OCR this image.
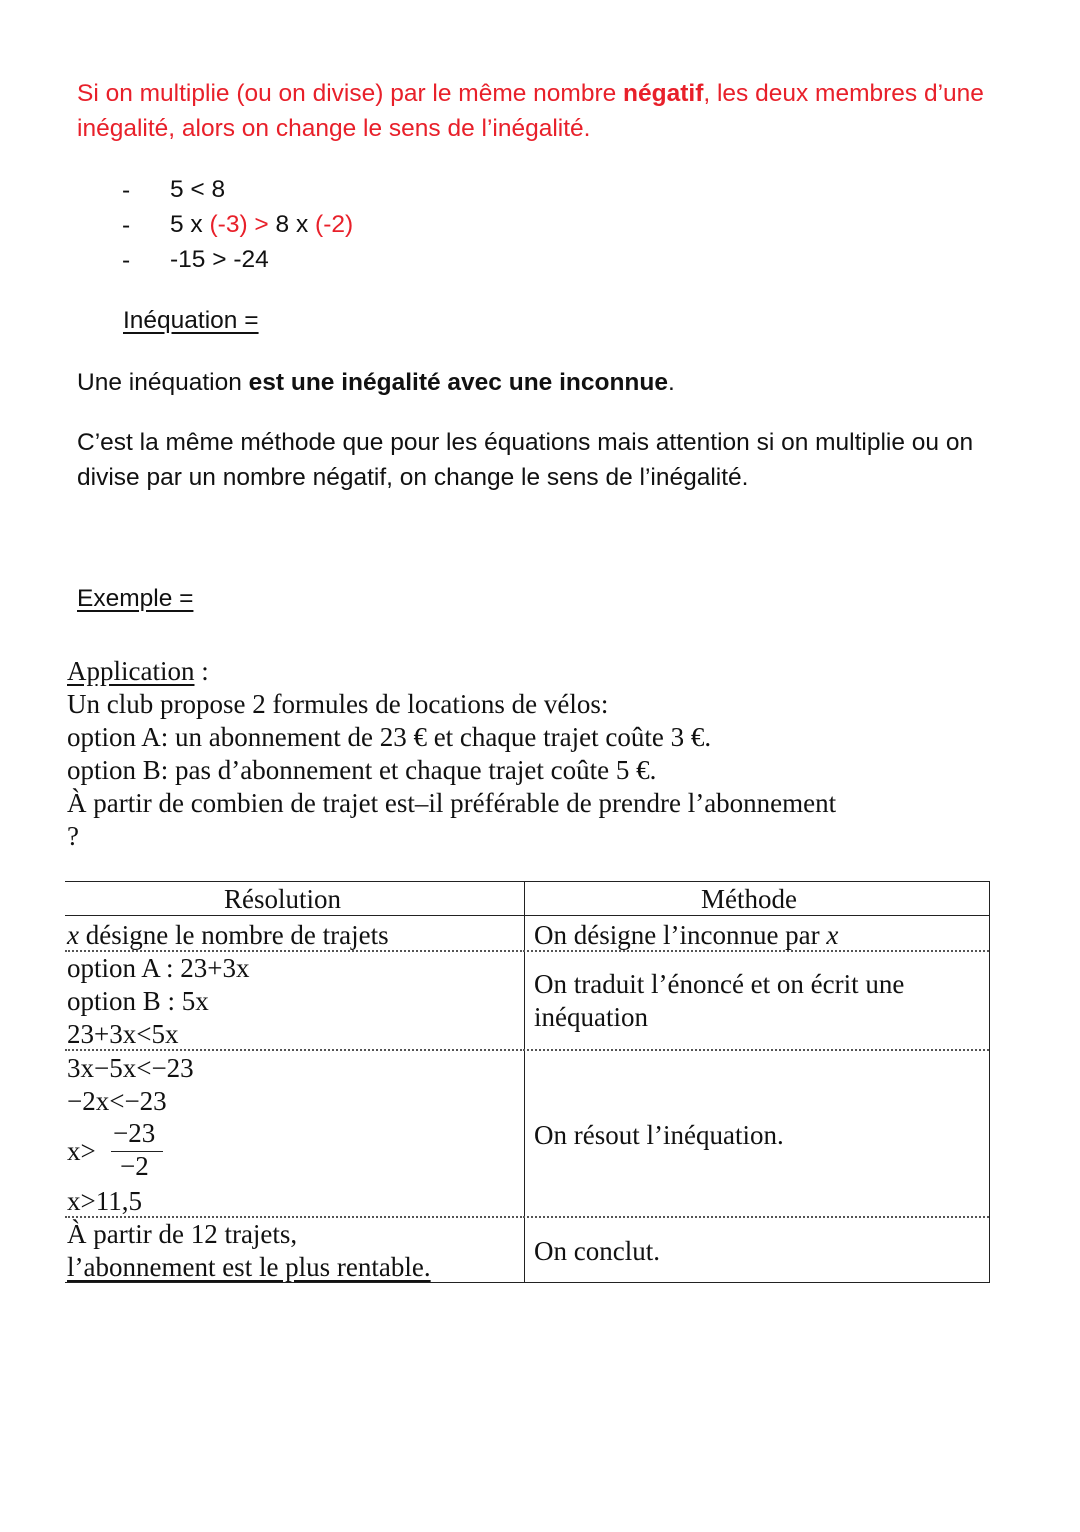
Si on multiplie (ou on divise) par le même nombre négatif, les deux membres d’une inégalité, alors on change le sens de l’inégalité.
- 5 < 8
- 5 x (-3) > 8 x (-2)
- -15 > -24
Inéquation =
Une inéquation est une inégalité avec une inconnue.
C’est la même méthode que pour les équations mais attention si on multiplie ou on divise par un nombre négatif, on change le sens de l’inégalité.
Exemple =
Application :
Un club propose 2 formules de locations de vélos:
option A: un abonnement de 23 € et chaque trajet coûte 3 €.
option B: pas d’abonnement et chaque trajet coûte 5 €.
À partir de combien de trajet est–il préférable de prendre l’abonnement
?
Résolution	Méthode
x désigne le nombre de trajets	On désigne l’inconnue par x
option A : 23+3x
option B : 5x
23+3x<5x
On traduit l’énoncé et on écrit une inéquation
3x−5x<−23
−2x<−23
x>
−23
−2
x>11,5
On résout l’inéquation.
À partir de 12 trajets,
l’abonnement est le plus rentable.
On conclut.
